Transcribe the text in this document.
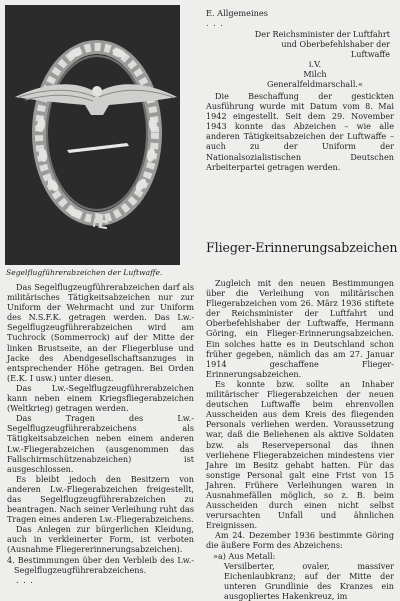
Segelflugführerabzeichen der Luftwaffe.

Das Segelflugzeugführerabzeichen darf als militärisches Tätigkeitsabzeichen nur zur Uniform der Wehrmacht und zur Uniform des N.S.F.K. getragen werden. Das Lw.-Segelflugzeugführerabzeichen wird am Tuchrock (Sommerrock) auf der Mitte der linken Brustseite, an der Fliegerbluse und Jacke des Abendgesellschaftsanzuges in entsprechender Höhe getragen. Bei Orden (E.K. I usw.) unter diesen.

Das Lw.-Segelflugzeugführerabzeichen kann neben einem Kriegsfliegerabzeichen (Weltkrieg) getragen werden.

Das Tragen des Lw.-Segelflugzeugführerabzeichens als Tätigkeitsabzeichen neben einem anderen Lw.-Fliegerabzeichen (ausgenommen das Fallschirmschützenabzeichen) ist ausgeschlossen.

Es bleibt jedoch den Besitzern von anderen Lw.-Fliegerabzeichen freigestellt, das Segelflugzeugführerabzeichen zu beantragen. Nach seiner Verleihung ruht das Tragen eines anderen Lw.-Fliegerabzeichens.

Das Anlegen zur bürgerlichen Kleidung, auch in verkleinerter Form, ist verboten (Ausnahme Fliegererinnerungsabzeichen).

4. Bestimmungen über den Verbleib des Lw.-Segelflugzeugführerabzeichens.

. . .

E. Allgemeines
. . .
Der Reichsminister der Luftfahrt
und Oberbefehlshaber der Luftwaffe
i.V.
Milch
Generalfeldmarschall.«

Die Beschaffung der gestickten Ausführung wurde mit Datum vom 8. Mai 1942 eingestellt. Seit dem 29. November 1943 konnte das Abzeichen – wie alle anderen Tätigkeitsabzeichen der Luftwaffe – auch zu der Uniform der Nationalsozialistischen Deutschen Arbeiterpartei getragen werden.

Flieger-Erinnerungsabzeichen

Zugleich mit den neuen Bestimmungen über die Verleihung von militärischen Fliegerabzeichen vom 26. März 1936 stiftete der Reichsminister der Luftfahrt und Oberbefehlshaber der Luftwaffe, Hermann Göring, ein Flieger-Erinnerungsabzeichen. Ein solches hatte es in Deutschland schon früher gegeben, nämlich das am 27. Januar 1914 geschaffene Flieger-Erinnerungsabzeichen.

Es konnte bzw. sollte an Inhaber militärischer Fliegerabzeichen der neuen deutschen Luftwaffe beim ehrenvollen Ausscheiden aus dem Kreis des fliegenden Personals verliehen werden. Voraussetzung war, daß die Beliehenen als aktive Soldaten bzw. als Reservepersonal das ihnen verliehene Fliegerabzeichen mindestens vier Jahre im Besitz gehabt hatten. Für das sonstige Personal galt eine Frist von 15 Jahren. Frühere Verleihungen waren in Ausnahmefällen möglich, so z. B. beim Ausscheiden durch einen nicht selbst verursachten Unfall und ähnlichen Ereignissen.

Am 24. Dezember 1936 bestimmte Göring die äußere Form des Abzeichens:

»a) Aus Metall:

Versilberter, ovaler, massiver Eichenlaubkranz; auf der Mitte der unteren Grundlinie des Kranzes ein ausgopliertes Hakenkreuz, im
